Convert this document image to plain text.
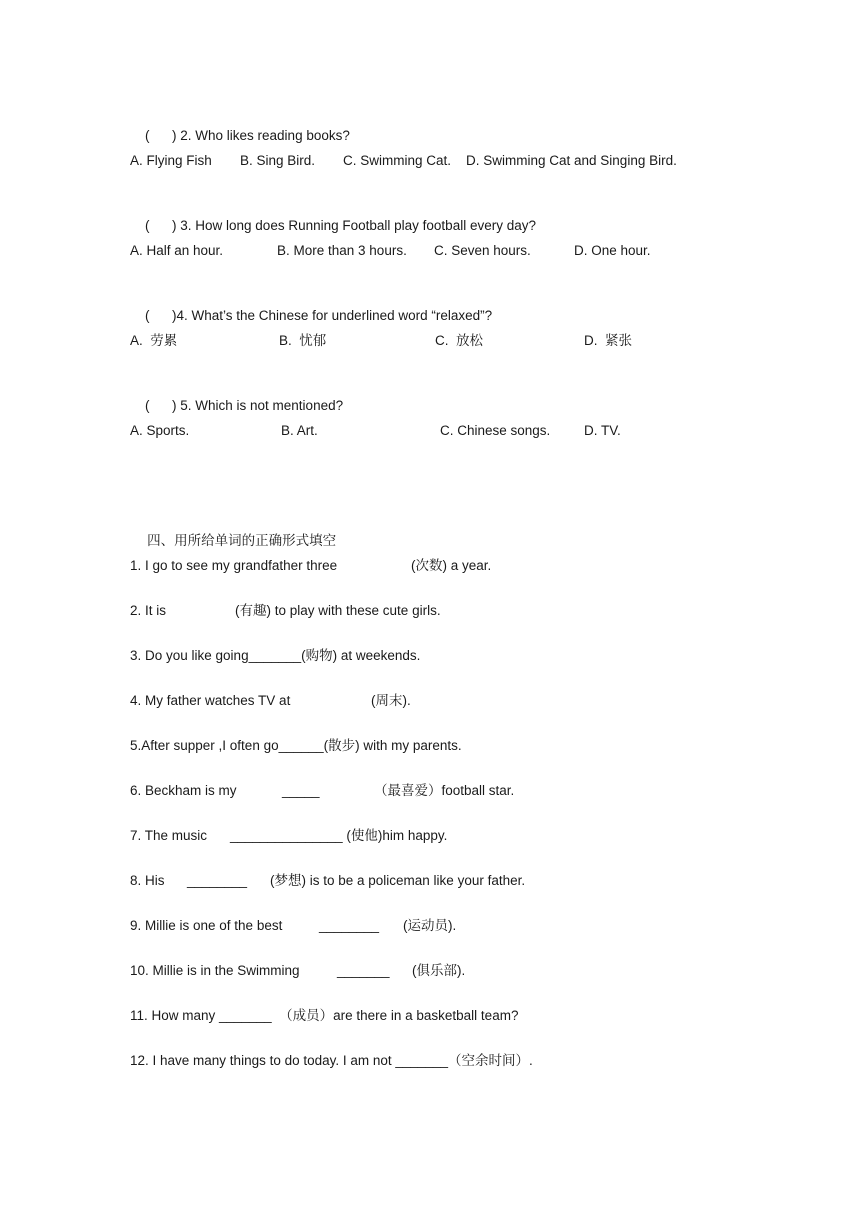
(      ) 2. Who likes reading books?

A. Flying Fish

B. Sing Bird.

C. Swimming Cat.

D. Swimming Cat and Singing Bird.

(      ) 3. How long does Running Football play football every day?

A. Half an hour.

	B. More than 3 hours.

C. Seven hours.

	D. One hour.

(      )4. What’s the Chinese for underlined word “relaxed”?

A.  劳累

	B.  忧郁

	C.  放松

	D.  紧张

(      ) 5. Which is not mentioned?

A. Sports.

	B. Art.

	C. Chinese songs.

D. TV.

四、用所给单词的正确形式填空

1. I go to see my grandfather three

	(次数) a year.

2. It is

	(有趣) to play with these cute girls.

3. Do you like going_______(购物) at weekends.

4. My father watches TV at

	(周末).

5.After supper ,I often go______(散步) with my parents.

6. Beckham is my

	_____

	（最喜爱）football star.

7. The music

_______________ (使他)him happy.

8. His

________

(梦想) is to be a policeman like your father.

9. Millie is one of the best

	________

(运动员).

10. Millie is in the Swimming

	_______

(俱乐部).

11. How many _______  （成员）are there in a basketball team?

12. I have many things to do today. I am not _______（空余时间）.
